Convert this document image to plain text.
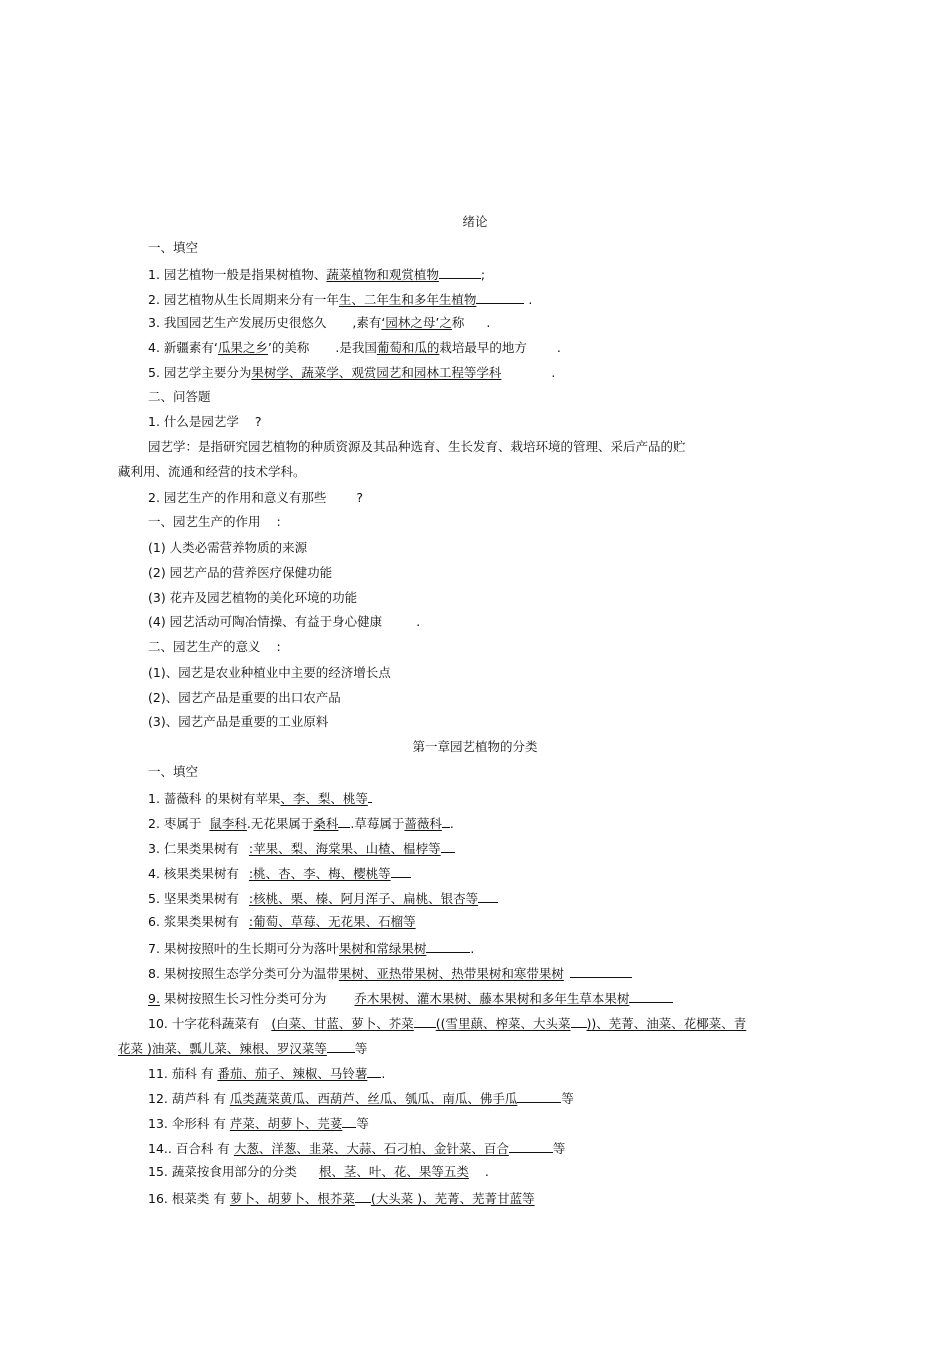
绪论
一、填空
1. 园艺植物一般是指果树植物、蔬菜植物和观赏植物	;
2. 园艺植物从生长周期来分有一年生、二年生和多年生植物	.
3. 我国园艺生产发展历史很悠久 ,素有‘园林之母’之称 .
4. 新疆素有‘瓜果之乡’的美称 .是我国葡萄和瓜的栽培最早的地方 .
5. 园艺学主要分为果树学、蔬菜学、观赏园艺和园林工程等学科	.
二、问答题
1. 什么是园艺学 ?
园艺学：是指研究园艺植物的种质资源及其品种选育、生长发育、栽培环境的管理、采后产品的贮
藏利用、流通和经营的技术学科。
2. 园艺生产的作用和意义有那些 ?
一、园艺生产的作用 :
(1) 人类必需营养物质的来源
(2) 园艺产品的营养医疗保健功能
(3) 花卉及园艺植物的美化环境的功能
(4) 园艺活动可陶冶情操、有益于身心健康	.
二、园艺生产的意义 :
(1)、园艺是农业种植业中主要的经济增长点
(2)、园艺产品是重要的出口农产品
(3)、园艺产品是重要的工业原料
第一章园艺植物的分类
一、填空
1. 蔷薇科 的果树有苹果、李、梨、桃等
2. 枣属于 鼠李科.无花果属于桑科 .草莓属于蔷薇科 .
3. 仁果类果树有 :苹果、梨、海棠果、山楂、榅桲等
4. 核果类果树有 :桃、杏、李、梅、樱桃等
5. 坚果类果树有 :核桃、栗、榛、阿月浑子、扁桃、银杏等
6. 浆果类果树有 :葡萄、草莓、无花果、石榴等
7. 果树按照叶的生长期可分为落叶果树和常绿果树	.
8. 果树按照生态学分类可分为温带果树、亚热带果树、热带果树和寒带果树
9. 果树按照生长习性分类可分为 乔木果树、灌木果树、藤本果树和多年生草本果树
10. 十字花科蔬菜有 (白菜、甘蓝、萝卜、芥菜 ((雪里蕻、榨菜、大头菜 ))、芜菁、油菜、花椰菜、青
花菜 )油菜、瓢儿菜、辣根、罗汉菜等 等
11. 茄科 有 番茄、茄子、辣椒、马铃薯 .
12. 葫芦科 有 瓜类蔬菜黄瓜、西葫芦、丝瓜、瓠瓜、南瓜、佛手瓜	等
13. 伞形科 有 芹菜、胡萝卜、芫荽 等
14.. 百合科 有 大葱、洋葱、韭菜、大蒜、石刁柏、金针菜、百合	等
15. 蔬菜按食用部分的分类 根、茎、叶、花、果等五类 .
16. 根菜类 有 萝卜、胡萝卜、根芥菜 (大头菜 )、芜菁、芜菁甘蓝等
